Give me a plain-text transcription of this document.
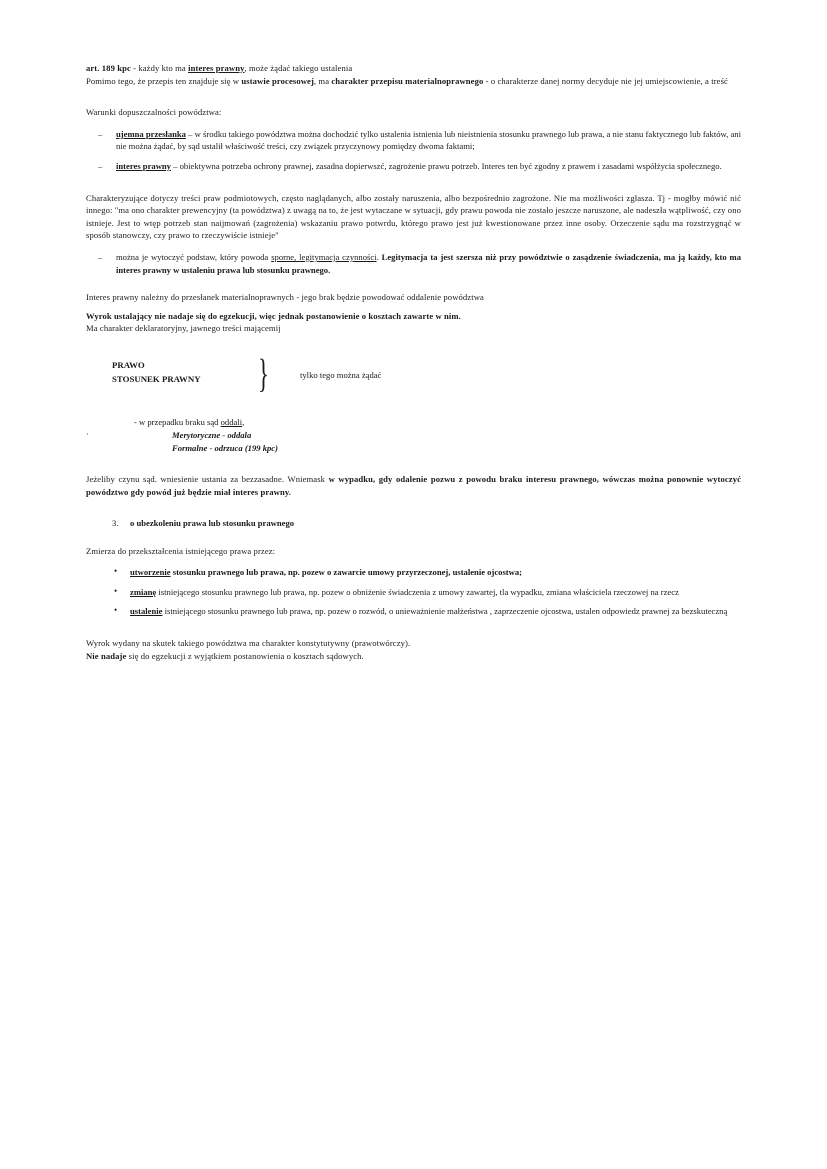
art. 189 kpc - każdy kto ma interes prawny, może żądać takiego ustalenia
Pomimo tego, że przepis ten znajduje się w ustawie procesowej, ma charakter przepisu materialnoprawnego - o charakterze danej normy decyduje nie jej umiejscowienie, a treść
Warunki dopuszczalności powództwa:
– ujemna przesłanka – w środku takiego powództwa można dochodzić tylko ustalenia istnienia lub nieistnienia stosunku prawnego lub prawa, a nie stanu faktycznego lub faktów, ani nie można żądać, by sąd ustalił właściwość treści, czy związek przyczynowy pomiędzy dwoma faktami;
– interes prawny – obiektywna potrzeba ochrony prawnej, zasadna dopierwszć, zagrożenie prawu potrzeb. Interes ten być zgodny z prawem i zasadami współżycia społecznego.
Charakteryzujące dotyczy treści praw podmiotowych, często naglądanych, albo zostały naruszenia, albo bezpośrednio zagrożone. Nie ma możliwości zgłasza. Tj - mogłby mówić nić innego: "ma ono charakter prewencyjny (ta powództwa) z uwagą na to, że jest wytaczane w sytuacji, gdy prawu powoda nie zostało jeszcze naruszone, ale nadeszła wątpliwość, czy ono istnieje. Jest to wtęp potrzeb stan naijmowań (zagrożenia) wskazaniu prawo potwrdu, którego prawo jest już kwestionowane przez inne osoby. Orzeczenie sądu ma rozstrzygnąć w sposób stanowczy, czy prawo to rzeczywiście istnieje"
– można je wytoczyć podstaw, który powoda sporne, legitymacja czynności. Legitymacja ta jest szersza niż przy powództwie o zasądzenie świadczenia, ma ją każdy, kto ma interes prawny w ustaleniu prawa lub stosunku prawnego.
Interes prawny należny do przesłanek materialnoprawnych - jego brak będzie powodować oddalenie powództwa
Wyrok ustalający nie nadaje się do egzekucji, więc jednak postanowienie o kosztach zawarte w nim.
Ma charakter deklaratoryjny, jawnego treści mającemij
PRAWO
STOSUNEK PRAWNY }	tylko tego można żądać
- w przepadku braku sąd oddali,
·	Merytoryczne - oddala
Formalne - odrzuca (199 kpc)
Jeżeliby czynu sąd. wniesienie ustania za bezzasadne. Wniemask w wypadku, gdy odalenie pozwu z powodu braku interesu prawnego, wówczas można ponownie wytoczyć powództwo gdy powód już będzie miał interes prawny.
3. o ubezkoleniu prawa lub stosunku prawnego
Zmierza do przekształcenia istniejącego prawa przez:
• utworzenie stosunku prawnego lub prawa, np. pozew o zawarcie umowy przyrzeczonej, ustalenie ojcostwa;
• zmianę istniejącego stosunku prawnego lub prawa, np. pozew o obniżenie świadczenia z umowy zawartej, tla wypadku, zmiana właściciela rzeczowej na rzecz
• ustalenie istniejącego stosunku prawnego lub prawa, np. pozew o rozwód, o unieważnienie małżeństwa , zaprzeczenie ojcostwa, ustalen odpowiedz prawnej za bezskuteczną
Wyrok wydany na skutek takiego powództwa ma charakter konstytutywny (prawotwórczy).
Nie nadaje się do egzekucji z wyjątkiem postanowienia o kosztach sądowych.
